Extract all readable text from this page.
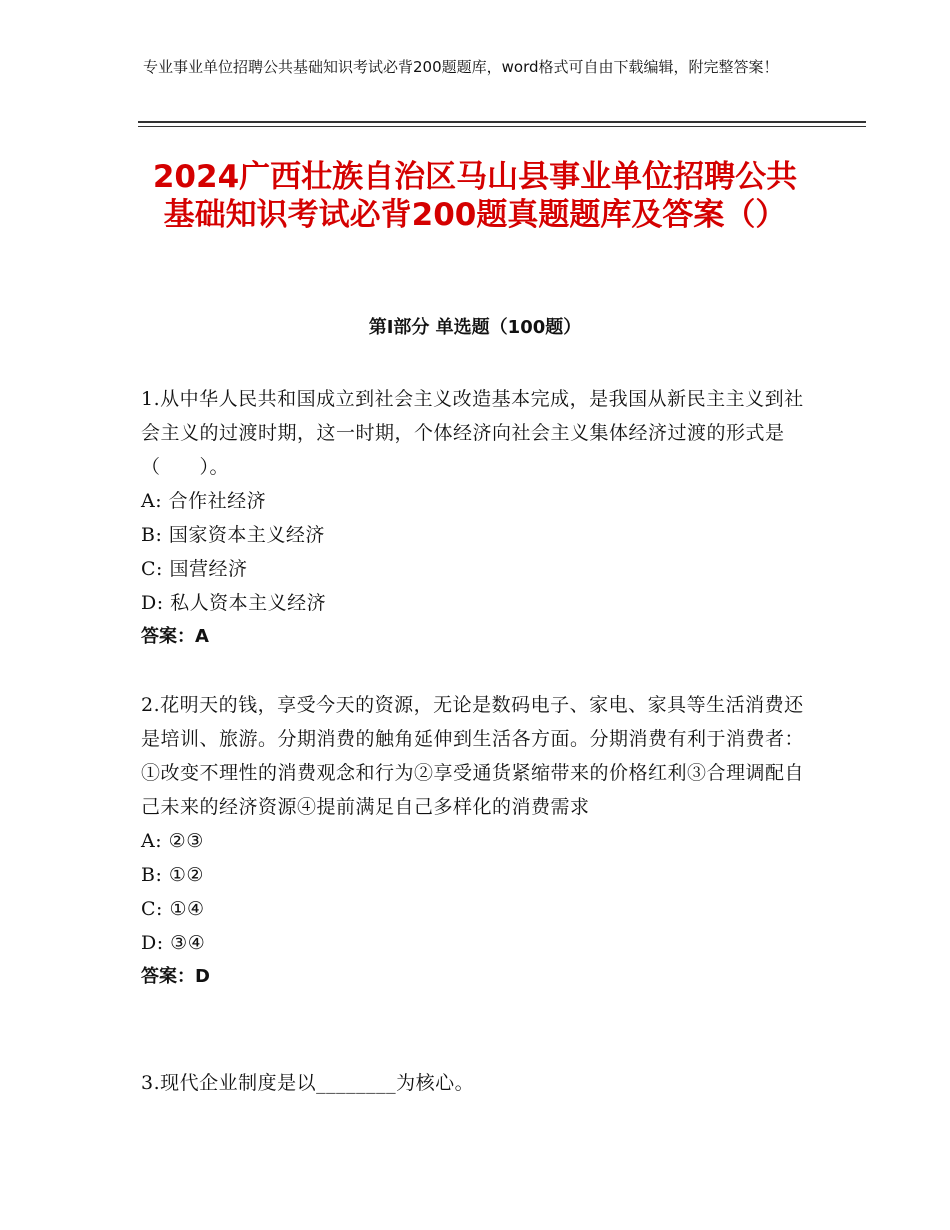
专业事业单位招聘公共基础知识考试必背200题题库，word格式可自由下载编辑，附完整答案！
2024广西壮族自治区马山县事业单位招聘公共基础知识考试必背200题真题题库及答案（）
第Ⅰ部分 单选题（100题）
1.从中华人民共和国成立到社会主义改造基本完成，是我国从新民主主义到社会主义的过渡时期，这一时期，个体经济向社会主义集体经济过渡的形式是（　　）。
A: 合作社经济
B: 国家资本主义经济
C: 国营经济
D: 私人资本主义经济
答案：A
2.花明天的钱，享受今天的资源，无论是数码电子、家电、家具等生活消费还是培训、旅游。分期消费的触角延伸到生活各方面。分期消费有利于消费者：①改变不理性的消费观念和行为②享受通货紧缩带来的价格红利③合理调配自己未来的经济资源④提前满足自己多样化的消费需求
A: ②③
B: ①②
C: ①④
D: ③④
答案：D
3.现代企业制度是以________为核心。
